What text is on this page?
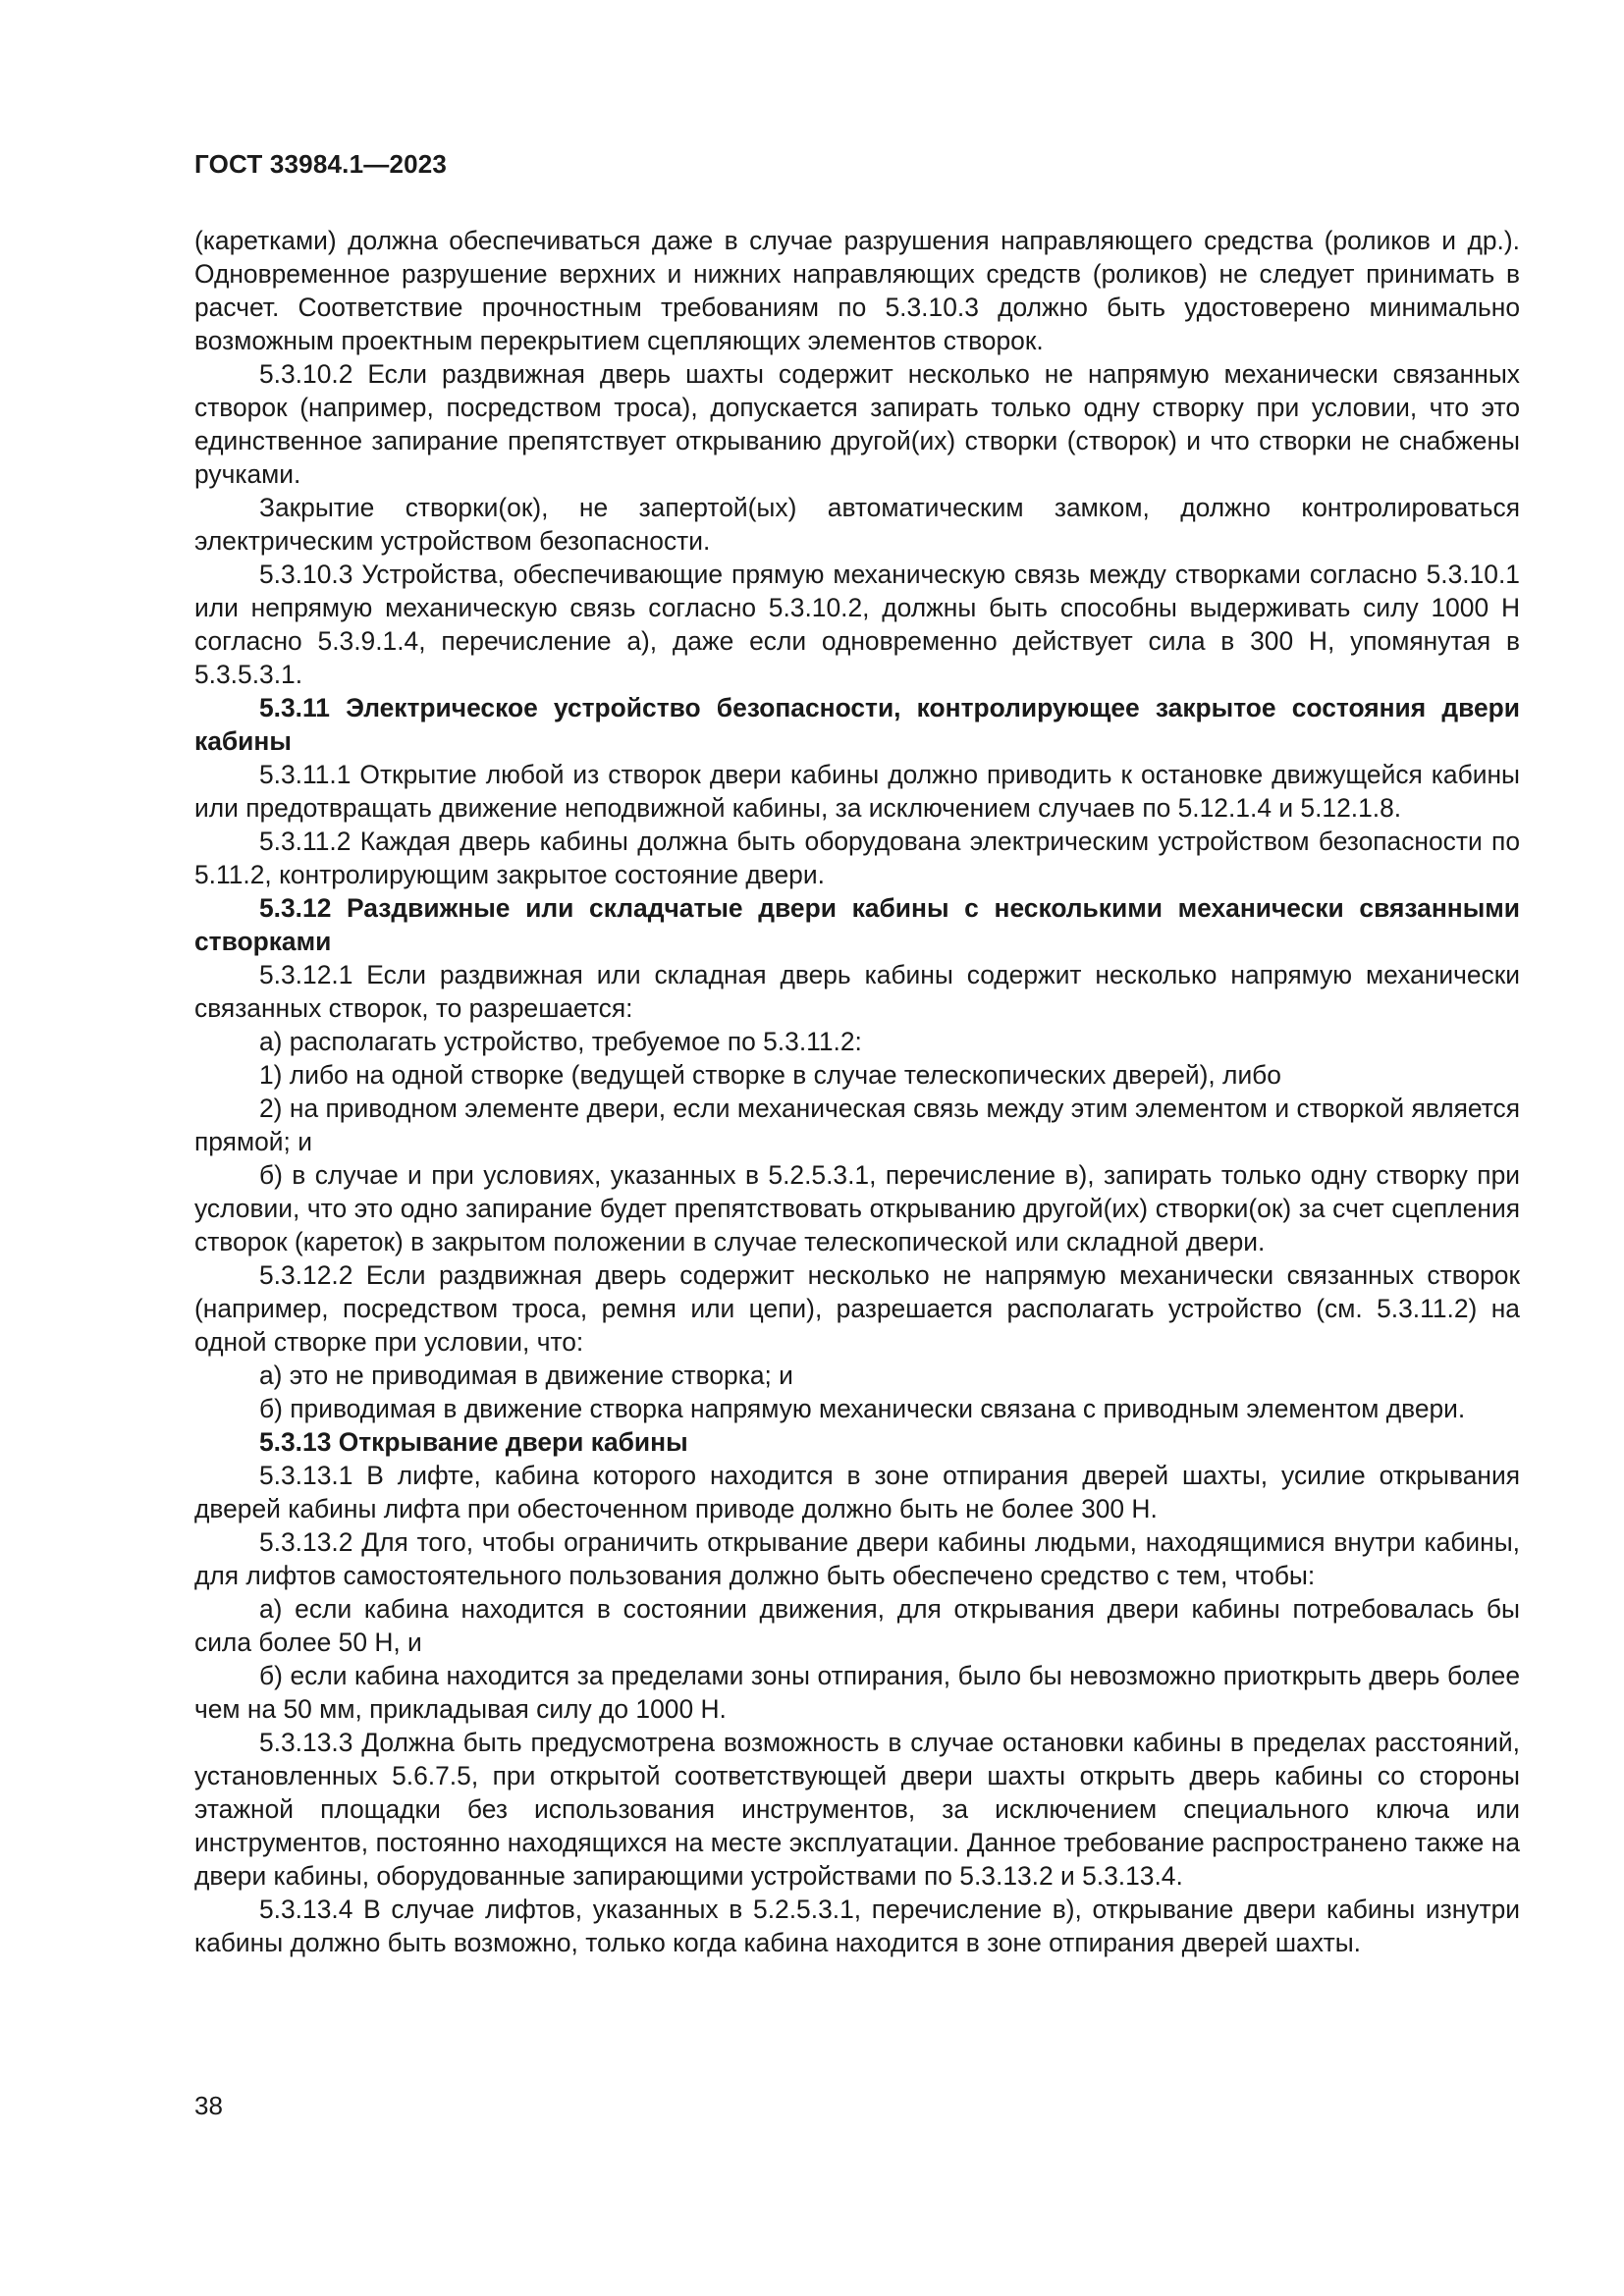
ГОСТ 33984.1—2023

(каретками) должна обеспечиваться даже в случае разрушения направляющего средства (роликов и др.). Одновременное разрушение верхних и нижних направляющих средств (роликов) не следует принимать в расчет. Соответствие прочностным требованиям по 5.3.10.3 должно быть удостоверено минимально возможным проектным перекрытием сцепляющих элементов створок.

5.3.10.2 Если раздвижная дверь шахты содержит несколько не напрямую механически связанных створок (например, посредством троса), допускается запирать только одну створку при условии, что это единственное запирание препятствует открыванию другой(их) створки (створок) и что створки не снабжены ручками.

Закрытие створки(ок), не запертой(ых) автоматическим замком, должно контролироваться электрическим устройством безопасности.

5.3.10.3 Устройства, обеспечивающие прямую механическую связь между створками согласно 5.3.10.1 или непрямую механическую связь согласно 5.3.10.2, должны быть способны выдерживать силу 1000 Н согласно 5.3.9.1.4, перечисление а), даже если одновременно действует сила в 300 Н, упомянутая в 5.3.5.3.1.

5.3.11 Электрическое устройство безопасности, контролирующее закрытое состояния двери кабины

5.3.11.1 Открытие любой из створок двери кабины должно приводить к остановке движущейся кабины или предотвращать движение неподвижной кабины, за исключением случаев по 5.12.1.4 и 5.12.1.8.

5.3.11.2 Каждая дверь кабины должна быть оборудована электрическим устройством безопасности по 5.11.2, контролирующим закрытое состояние двери.

5.3.12 Раздвижные или складчатые двери кабины с несколькими механически связанными створками

5.3.12.1 Если раздвижная или складная дверь кабины содержит несколько напрямую механически связанных створок, то разрешается:

а) располагать устройство, требуемое по 5.3.11.2:

1) либо на одной створке (ведущей створке в случае телескопических дверей), либо

2) на приводном элементе двери, если механическая связь между этим элементом и створкой является прямой; и

б) в случае и при условиях, указанных в 5.2.5.3.1, перечисление в), запирать только одну створку при условии, что это одно запирание будет препятствовать открыванию другой(их) створки(ок) за счет сцепления створок (кареток) в закрытом положении в случае телескопической или складной двери.

5.3.12.2 Если раздвижная дверь содержит несколько не напрямую механически связанных створок (например, посредством троса, ремня или цепи), разрешается располагать устройство (см. 5.3.11.2) на одной створке при условии, что:

а) это не приводимая в движение створка; и

б) приводимая в движение створка напрямую механически связана с приводным элементом двери.

5.3.13 Открывание двери кабины

5.3.13.1 В лифте, кабина которого находится в зоне отпирания дверей шахты, усилие открывания дверей кабины лифта при обесточенном приводе должно быть не более 300 Н.

5.3.13.2 Для того, чтобы ограничить открывание двери кабины людьми, находящимися внутри кабины, для лифтов самостоятельного пользования должно быть обеспечено средство с тем, чтобы:

а) если кабина находится в состоянии движения, для открывания двери кабины потребовалась бы сила более 50 Н, и

б) если кабина находится за пределами зоны отпирания, было бы невозможно приоткрыть дверь более чем на 50 мм, прикладывая силу до 1000 Н.

5.3.13.3 Должна быть предусмотрена возможность в случае остановки кабины в пределах расстояний, установленных 5.6.7.5, при открытой соответствующей двери шахты открыть дверь кабины со стороны этажной площадки без использования инструментов, за исключением специального ключа или инструментов, постоянно находящихся на месте эксплуатации. Данное требование распространено также на двери кабины, оборудованные запирающими устройствами по 5.3.13.2 и 5.3.13.4.

5.3.13.4 В случае лифтов, указанных в 5.2.5.3.1, перечисление в), открывание двери кабины изнутри кабины должно быть возможно, только когда кабина находится в зоне отпирания дверей шахты.

38
